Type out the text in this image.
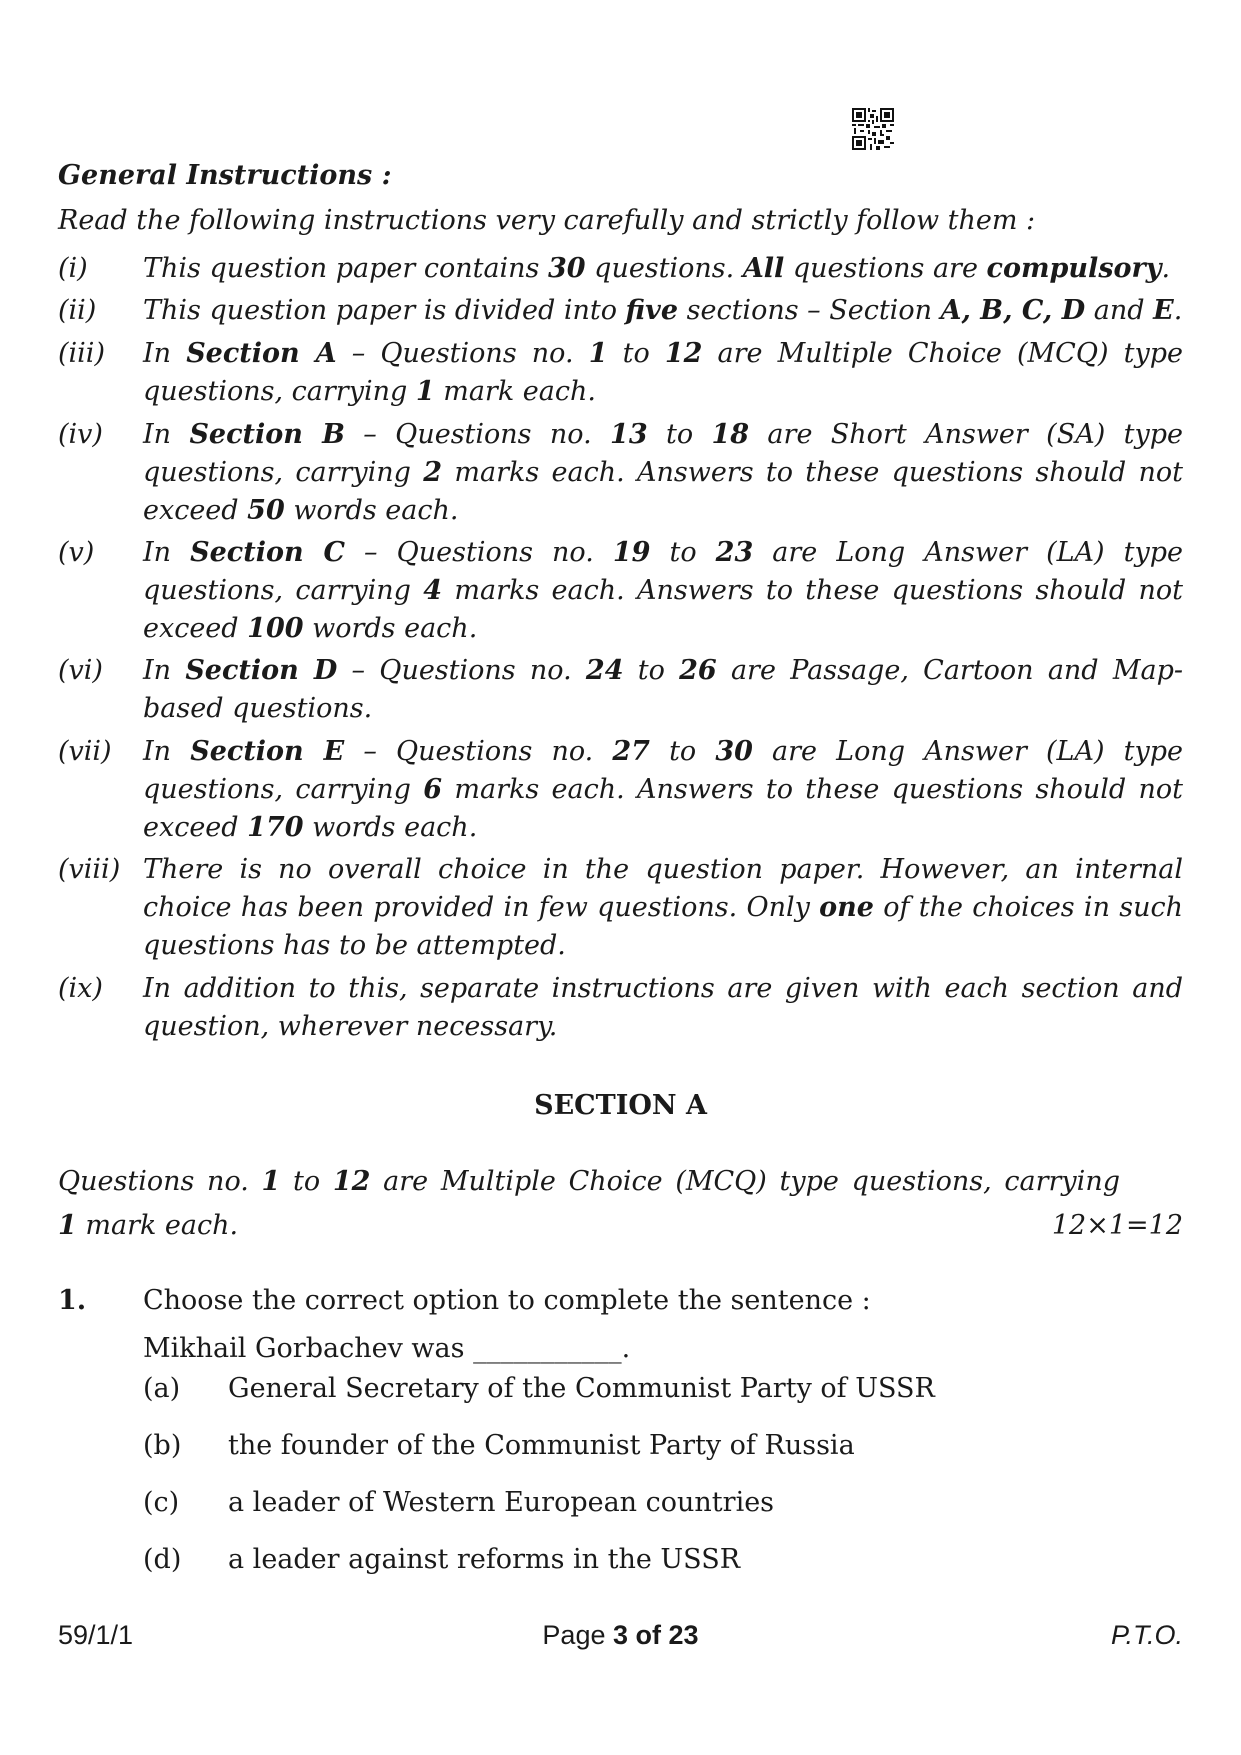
General Instructions :
Read the following instructions very carefully and strictly follow them :
(i) This question paper contains 30 questions. All questions are compulsory.
(ii) This question paper is divided into five sections – Section A, B, C, D and E.
(iii) In Section A – Questions no. 1 to 12 are Multiple Choice (MCQ) type questions, carrying 1 mark each.
(iv) In Section B – Questions no. 13 to 18 are Short Answer (SA) type questions, carrying 2 marks each. Answers to these questions should not exceed 50 words each.
(v) In Section C – Questions no. 19 to 23 are Long Answer (LA) type questions, carrying 4 marks each. Answers to these questions should not exceed 100 words each.
(vi) In Section D – Questions no. 24 to 26 are Passage, Cartoon and Map-based questions.
(vii) In Section E – Questions no. 27 to 30 are Long Answer (LA) type questions, carrying 6 marks each. Answers to these questions should not exceed 170 words each.
(viii) There is no overall choice in the question paper. However, an internal choice has been provided in few questions. Only one of the choices in such questions has to be attempted.
(ix) In addition to this, separate instructions are given with each section and question, wherever necessary.
SECTION A
Questions no. 1 to 12 are Multiple Choice (MCQ) type questions, carrying
1 mark each.	12×1=12
1. Choose the correct option to complete the sentence :
Mikhail Gorbachev was ___________.
(a) General Secretary of the Communist Party of USSR
(b) the founder of the Communist Party of Russia
(c) a leader of Western European countries
(d) a leader against reforms in the USSR
59/1/1	Page 3 of 23	P.T.O.
